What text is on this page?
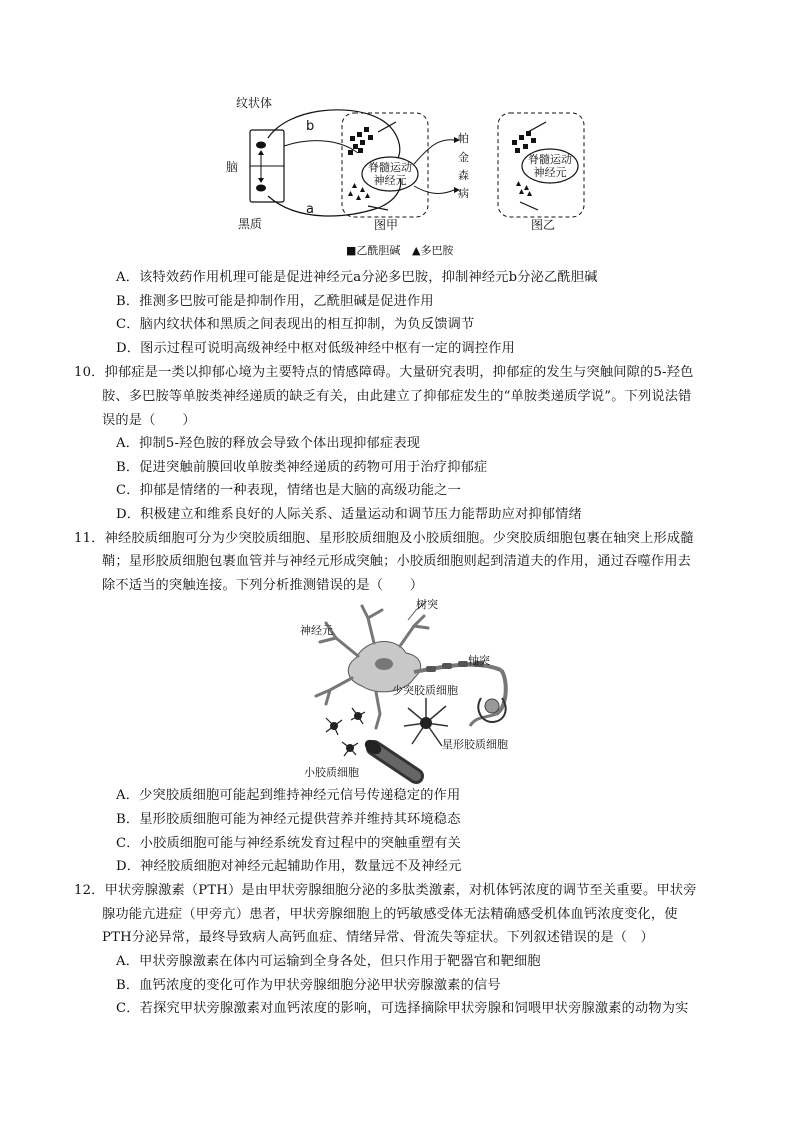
脊髓运动
神经元
纹状体
脑
黑质
b
a
帕
金
森
病
图甲
脊髓运动
神经元
图乙
■乙酰胆碱 ▲多巴胺
A．该特效药作用机理可能是促进神经元a分泌多巴胺，抑制神经元b分泌乙酰胆碱
B．推测多巴胺可能是抑制作用，乙酰胆碱是促进作用
C．脑内纹状体和黑质之间表现出的相互抑制，为负反馈调节
D．图示过程可说明高级神经中枢对低级神经中枢有一定的调控作用
10．抑郁症是一类以抑郁心境为主要特点的情感障碍。大量研究表明，抑郁症的发生与突触间隙的5-羟色
胺、多巴胺等单胺类神经递质的缺乏有关，由此建立了抑郁症发生的“单胺类递质学说”。下列说法错
误的是（　　）
A．抑制5-羟色胺的释放会导致个体出现抑郁症表现
B．促进突触前膜回收单胺类神经递质的药物可用于治疗抑郁症
C．抑郁是情绪的一种表现，情绪也是大脑的高级功能之一
D．积极建立和维系良好的人际关系、适量运动和调节压力能帮助应对抑郁情绪
11．神经胶质细胞可分为少突胶质细胞、星形胶质细胞及小胶质细胞。少突胶质细胞包裹在轴突上形成髓
鞘；星形胶质细胞包裹血管并与神经元形成突触；小胶质细胞则起到清道夫的作用，通过吞噬作用去
除不适当的突触连接。下列分析推测错误的是（　　）
树突
神经元
轴突
少突胶质细胞
星形胶质细胞
小胶质细胞
A．少突胶质细胞可能起到维持神经元信号传递稳定的作用
B．星形胶质细胞可能为神经元提供营养并维持其环境稳态
C．小胶质细胞可能与神经系统发育过程中的突触重塑有关
D．神经胶质细胞对神经元起辅助作用，数量远不及神经元
12．甲状旁腺激素（PTH）是由甲状旁腺细胞分泌的多肽类激素，对机体钙浓度的调节至关重要。甲状旁
腺功能亢进症（甲旁亢）患者，甲状旁腺细胞上的钙敏感受体无法精确感受机体血钙浓度变化，使
PTH分泌异常，最终导致病人高钙血症、情绪异常、骨流失等症状。下列叙述错误的是（　）
A．甲状旁腺激素在体内可运输到全身各处，但只作用于靶器官和靶细胞
B．血钙浓度的变化可作为甲状旁腺细胞分泌甲状旁腺激素的信号
C．若探究甲状旁腺激素对血钙浓度的影响，可选择摘除甲状旁腺和饲喂甲状旁腺激素的动物为实
